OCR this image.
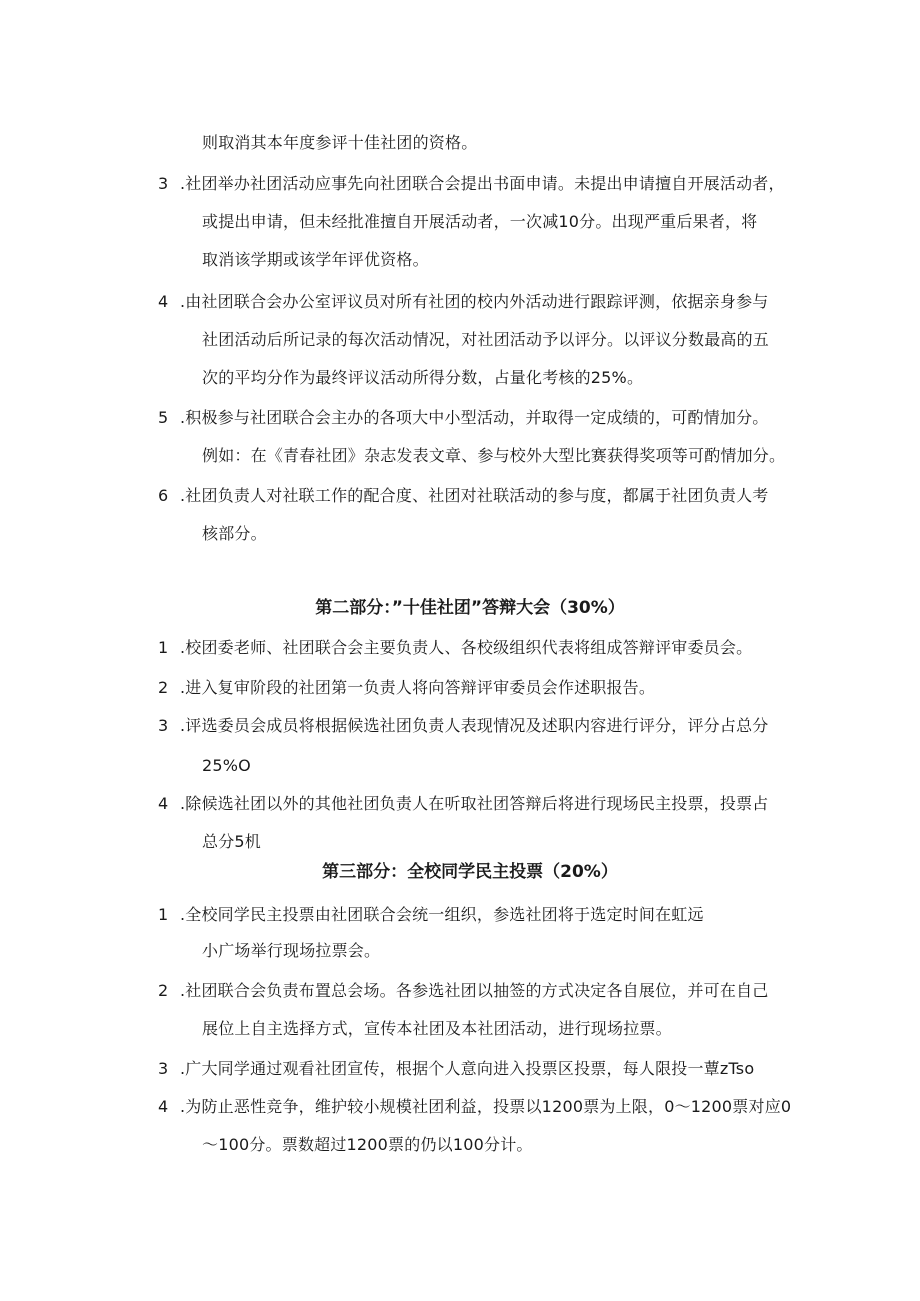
则取消其本年度参评十佳社团的资格。
3 .社团举办社团活动应事先向社团联合会提出书面申请。未提出申请擅自开展活动者，
或提出申请，但未经批准擅自开展活动者，一次减10分。出现严重后果者，将
取消该学期或该学年评优资格。
4 .由社团联合会办公室评议员对所有社团的校内外活动进行跟踪评测，依据亲身参与
社团活动后所记录的每次活动情况，对社团活动予以评分。以评议分数最高的五
次的平均分作为最终评议活动所得分数，占量化考核的25%。
5 .积极参与社团联合会主办的各项大中小型活动，并取得一定成绩的，可酌情加分。
例如：在《青春社团》杂志发表文章、参与校外大型比赛获得奖项等可酌情加分。
6 .社团负责人对社联工作的配合度、社团对社联活动的参与度，都属于社团负责人考
核部分。
第二部分：”十佳社团”答辩大会（30%）
1 .校团委老师、社团联合会主要负责人、各校级组织代表将组成答辩评审委员会。
2 .进入复审阶段的社团第一负责人将向答辩评审委员会作述职报告。
3 .评选委员会成员将根据候选社团负责人表现情况及述职内容进行评分，评分占总分
25%O
4 .除候选社团以外的其他社团负责人在听取社团答辩后将进行现场民主投票，投票占
总分5机
第三部分：全校同学民主投票（20%）
1 .全校同学民主投票由社团联合会统一组织，参选社团将于选定时间在虹远
小广场举行现场拉票会。
2 .社团联合会负责布置总会场。各参选社团以抽签的方式决定各自展位，并可在自己
展位上自主选择方式，宣传本社团及本社团活动，进行现场拉票。
3 .广大同学通过观看社团宣传，根据个人意向进入投票区投票，每人限投一蕈zTso
4 .为防止恶性竞争，维护较小规模社团利益，投票以1200票为上限，0〜1200票对应0
〜100分。票数超过1200票的仍以100分计。
